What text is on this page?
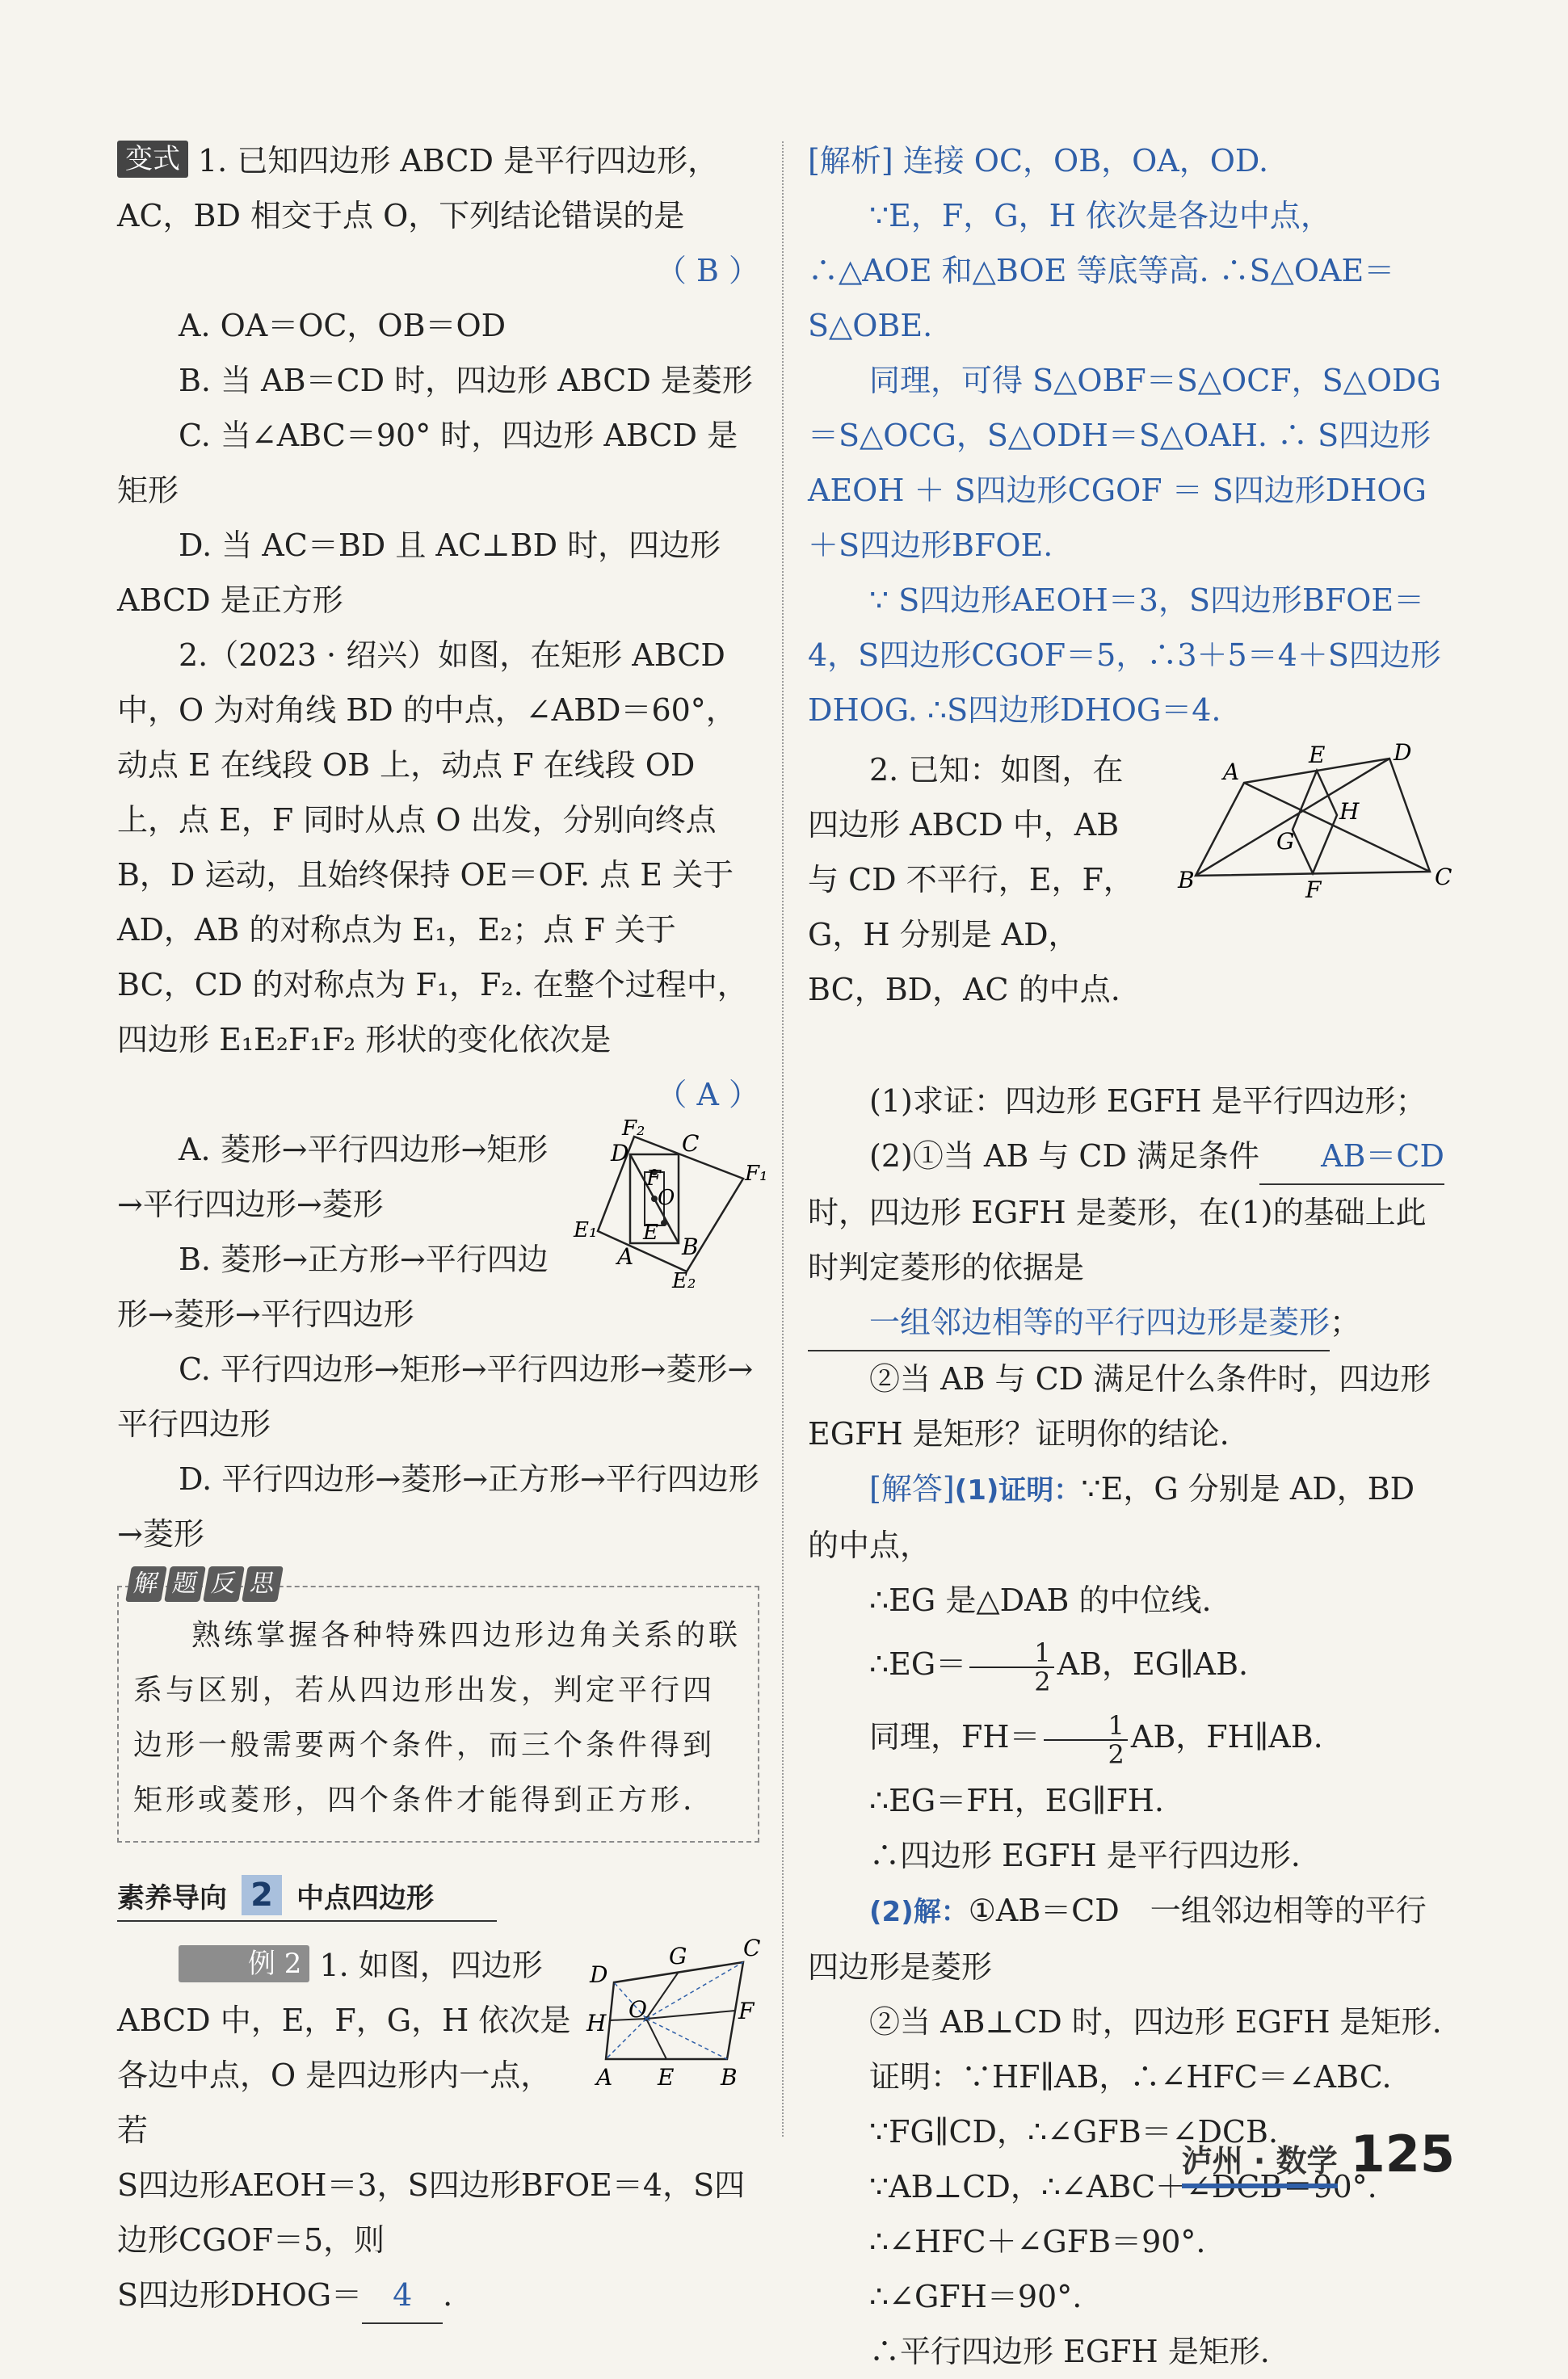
变式 1. 已知四边形 ABCD 是平行四边形，AC，BD 相交于点 O，下列结论错误的是

（ B ）

A. OA＝OC，OB＝OD

B. 当 AB＝CD 时，四边形 ABCD 是菱形

C. 当∠ABC＝90° 时，四边形 ABCD 是矩形

D. 当 AC＝BD 且 AC⊥BD 时，四边形 ABCD 是正方形

2.（2023 · 绍兴）如图，在矩形 ABCD 中，O 为对角线 BD 的中点，∠ABD＝60°，动点 E 在线段 OB 上，动点 F 在线段 OD 上，点 E，F 同时从点 O 出发，分别向终点 B，D 运动，且始终保持 OE＝OF. 点 E 关于 AD，AB 的对称点为 E₁，E₂；点 F 关于 BC，CD 的对称点为 F₁，F₂. 在整个过程中，四边形 E₁E₂F₁F₂ 形状的变化依次是

（ A ）
F₂
D C
F₁
F
O
E
E₁
B
A
E₂

A. 菱形→平行四边形→矩形→平行四边形→菱形

B. 菱形→正方形→平行四边形→菱形→平行四边形

C. 平行四边形→矩形→平行四边形→菱形→平行四边形

D. 平行四边形→菱形→正方形→平行四边形→菱形

解 题 反 思

熟练掌握各种特殊四边形边角关系的联系与区别，若从四边形出发，判定平行四边形一般需要两个条件，而三个条件得到矩形或菱形，四个条件才能得到正方形.

素养导向 2 中点四边形
D
G C
O	F
H
A E B

例 2 1. 如图，四边形 ABCD 中，E，F，G，H 依次是各边中点，O 是四边形内一点，若

S四边形AEOH＝3，S四边形BFOE＝4，S四边形CGOF＝5，则

S四边形DHOG＝ 4 .

[解析] 连接 OC，OB，OA，OD.

∵E，F，G，H 依次是各边中点，∴△AOE 和△BOE 等底等高. ∴S△OAE＝S△OBE.

同理，可得 S△OBF＝S△OCF，S△ODG＝S△OCG，S△ODH＝S△OAH. ∴ S四边形AEOH ＋ S四边形CGOF ＝ S四边形DHOG＋S四边形BFOE.

∵ S四边形AEOH＝3，S四边形BFOE＝4，S四边形CGOF＝5，∴3＋5＝4＋S四边形DHOG. ∴S四边形DHOG＝4.

A
E	D
H
G
B	F	C

2. 已知：如图，在四边形 ABCD 中，AB 与 CD 不平行，E，F，G，H 分别是 AD，BC，BD，AC 的中点.

(1)求证：四边形 EGFH 是平行四边形；

(2)①当 AB 与 CD 满足条件 AB＝CD时，四边形 EGFH 是菱形，在(1)的基础上此时判定菱形的依据是一组邻边相等的平行四边形是菱形；

②当 AB 与 CD 满足什么条件时，四边形 EGFH 是矩形？证明你的结论.

[解答](1)证明：∵E，G 分别是 AD，BD 的中点，

∴EG 是△DAB 的中位线.

∴EG＝ $\frac{1}{2}$ AB，EG∥AB.

同理，$FH= \frac{1}{2}$ AB，FH∥AB.

∴EG＝FH，EG∥FH.

∴四边形 EGFH 是平行四边形.

(2)解：①AB＝CD　一组邻边相等的平行四边形是菱形

②当 AB⊥CD 时，四边形 EGFH 是矩形.

证明：∵HF∥AB，∴∠HFC＝∠ABC.

∵FG∥CD，∴∠GFB＝∠DCB.

∵AB⊥CD，∴∠ABC＋∠DCB＝90°.

∴∠HFC＋∠GFB＝90°.

∴∠GFH＝90°.

∴平行四边形 EGFH 是矩形.

泸州 · 数学 125
